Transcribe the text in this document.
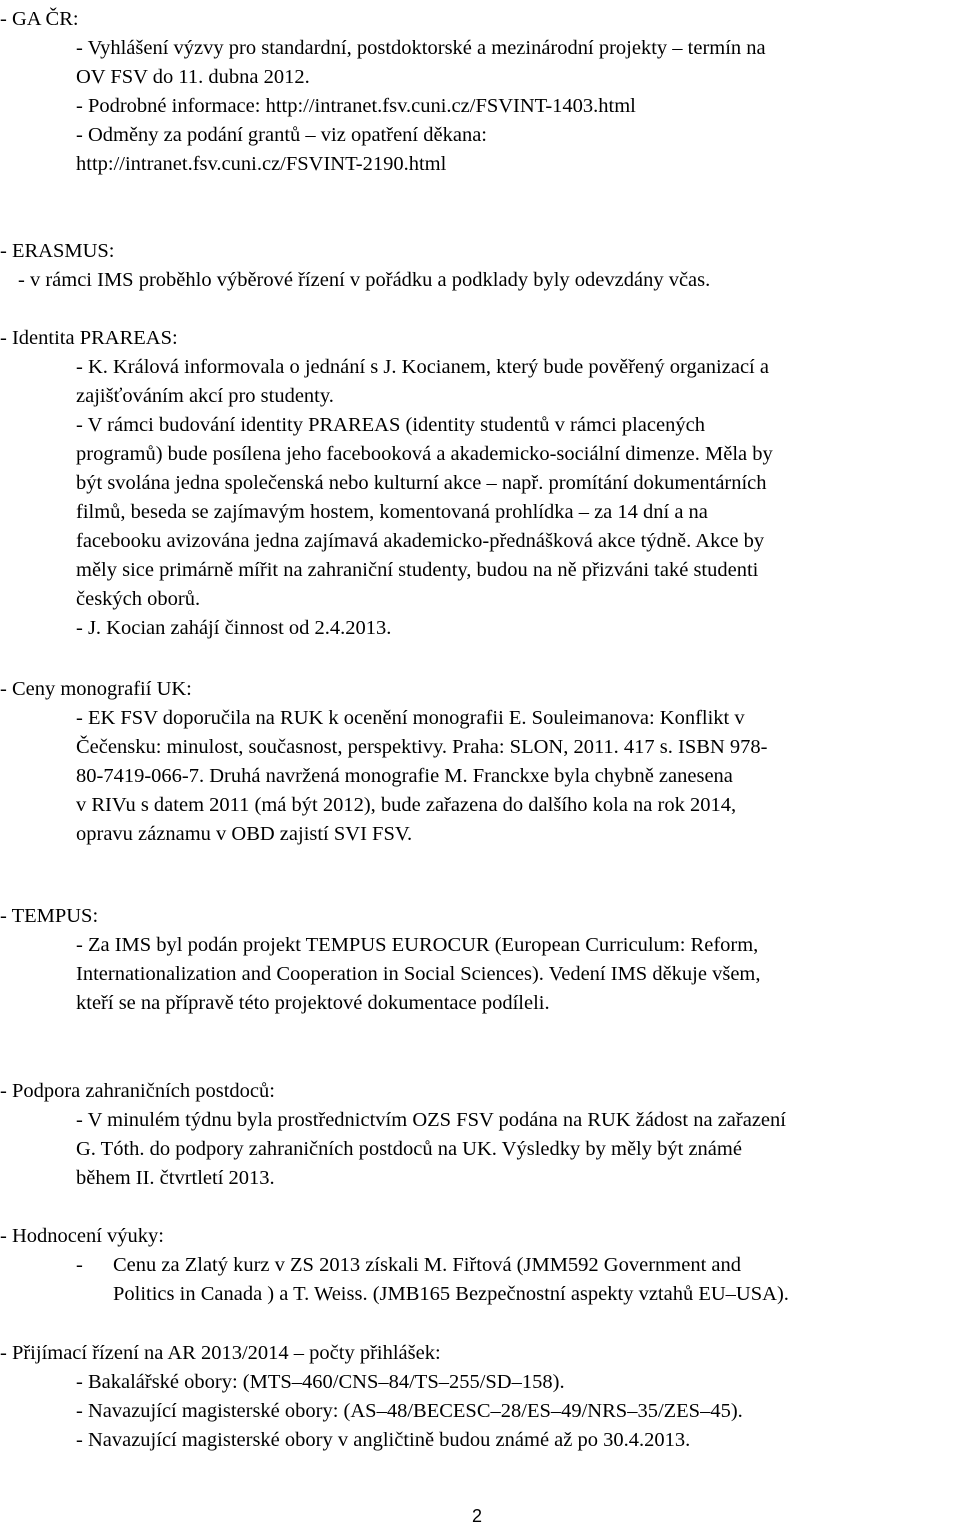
- GA ČR:
- Vyhlášení výzvy pro standardní, postdoktorské a mezinárodní projekty – termín na
OV FSV do 11. dubna 2012.
- Podrobné informace: http://intranet.fsv.cuni.cz/FSVINT-1403.html
- Odměny za podání grantů – viz opatření děkana:
http://intranet.fsv.cuni.cz/FSVINT-2190.html
- ERASMUS:
- v rámci IMS proběhlo výběrové řízení v pořádku a podklady byly odevzdány včas.
- Identita PRAREAS:
- K. Králová informovala o jednání s J. Kocianem, který bude pověřený organizací a
zajišťováním akcí pro studenty.
- V rámci budování identity PRAREAS (identity studentů v rámci placených
programů) bude posílena jeho facebooková a akademicko-sociální dimenze. Měla by
být svolána jedna společenská nebo kulturní akce – např. promítání dokumentárních
filmů, beseda se zajímavým hostem, komentovaná prohlídka – za 14 dní a na
facebooku avizována jedna zajímavá akademicko-přednášková akce týdně. Akce by
měly sice primárně mířit na zahraniční studenty, budou na ně přizváni také studenti
českých oborů.
- J. Kocian zahájí činnost od 2.4.2013.
- Ceny monografií UK:
- EK FSV doporučila na RUK k ocenění monografii E. Souleimanova: Konflikt v
Čečensku: minulost, současnost, perspektivy. Praha: SLON, 2011. 417 s. ISBN 978-
80-7419-066-7. Druhá navržená monografie M. Franckxe byla chybně zanesena
v RIVu s datem 2011 (má být 2012), bude zařazena do dalšího kola na rok 2014,
opravu záznamu v OBD zajistí SVI FSV.
- TEMPUS:
- Za IMS byl podán projekt TEMPUS EUROCUR (European Curriculum: Reform,
Internationalization and Cooperation in Social Sciences). Vedení IMS děkuje všem,
kteří se na přípravě této projektové dokumentace podíleli.
- Podpora zahraničních postdoců:
- V minulém týdnu byla prostřednictvím OZS FSV podána na RUK žádost na zařazení
G. Tóth. do podpory zahraničních postdoců na UK. Výsledky by měly být známé
během II. čtvrtletí 2013.
- Hodnocení výuky:
- Cenu za Zlatý kurz v ZS 2013 získali M. Fiřtová (JMM592 Government and
Politics in Canada ) a T. Weiss. (JMB165 Bezpečnostní aspekty vztahů EU–USA).
- Přijímací řízení na AR 2013/2014 – počty přihlášek:
- Bakalářské obory: (MTS–460/CNS–84/TS–255/SD–158).
- Navazující magisterské obory: (AS–48/BECESC–28/ES–49/NRS–35/ZES–45).
- Navazující magisterské obory v angličtině budou známé až po 30.4.2013.
2
